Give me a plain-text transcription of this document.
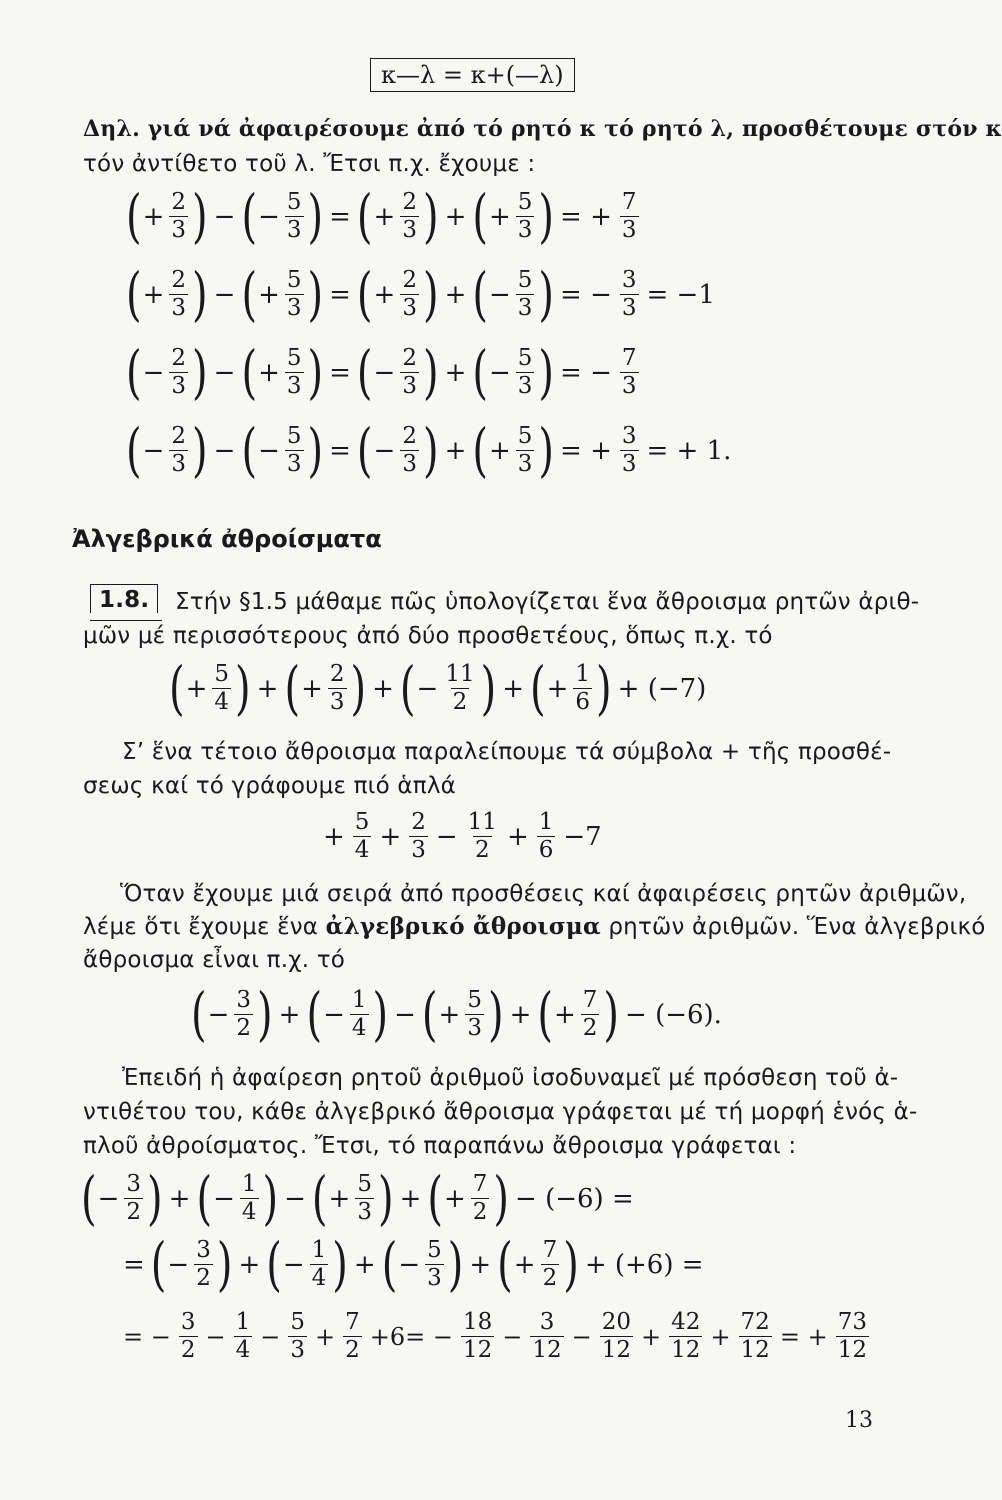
κ—λ = κ+(—λ)
Δηλ. γιά νά ἀφαιρέσουμε ἀπό τό ρητό κ τό ρητό λ, προσθέτουμε στόν κ
τόν ἀντίθετο τοῦ λ. Ἔτσι π.χ. ἔχουμε :
( + $\frac{2}{3}$ ) − ( − $\frac{5}{3}$ ) = ( + $\frac{2}{3}$ ) + ( + $\frac{5}{3}$ ) = + $\frac{7}{3}$
( + $\frac{2}{3}$ ) − ( + $\frac{5}{3}$ ) = ( + $\frac{2}{3}$ ) + ( − $\frac{5}{3}$ ) = − $\frac{3}{3} = -1$
( − $\frac{2}{3}$ ) − ( + $\frac{5}{3}$ ) = ( − $\frac{2}{3}$ ) + ( − $\frac{5}{3}$ ) = − $\frac{7}{3}$
( − $\frac{2}{3}$ ) − ( − $\frac{5}{3}$ ) = ( − $\frac{2}{3}$ ) + ( + $\frac{5}{3}$ ) = + $\frac{3}{3}$ = + 1.
Ἀλγεβρικά ἀθροίσματα
1.8.	Στήν §1.5 μάθαμε πῶς ὑπολογίζεται ἕνα ἄθροισμα ρητῶν ἀριθ-
μῶν μέ περισσότερους ἀπό δύο προσθετέους, ὅπως π.χ. τό
( + $\frac{5}{4}$ ) + ( + $\frac{2}{3}$ ) + ( − $\frac{11}{2}$ ) + ( + $\frac{1}{6}$ ) + (−7)
Σ’ ἕνα τέτοιο ἄθροισμα παραλείπουμε τά σύμβολα + τῆς προσθέ-
σεως καί τό γράφουμε πιό ἁπλά
+ $\frac{5}{4} + \frac{2}{3} - \frac{11}{2} + \frac{1}{6} -7$
Ὅταν ἔχουμε μιά σειρά ἀπό προσθέσεις καί ἀφαιρέσεις ρητῶν ἀριθμῶν,
λέμε ὅτι ἔχουμε ἕνα ἀλγεβρικό ἄθροισμα ρητῶν ἀριθμῶν. Ἕνα ἀλγεβρικό
ἄθροισμα εἶναι π.χ. τό
( − $\frac{3}{2}$ ) + ( − $\frac{1}{4}$ ) − ( + $\frac{5}{3}$ ) + ( + $\frac{7}{2}$ ) − (−6).
Ἐπειδή ἡ ἀφαίρεση ρητοῦ ἀριθμοῦ ἰσοδυναμεῖ μέ πρόσθεση τοῦ ἀ-
ντιθέτου του, κάθε ἀλγεβρικό ἄθροισμα γράφεται μέ τή μορφή ἑνός ἁ-
πλοῦ ἀθροίσματος. Ἔτσι, τό παραπάνω ἄθροισμα γράφεται :
( − $\frac{3}{2}$ ) + ( − $\frac{1}{4}$ ) − ( + $\frac{5}{3}$ ) + ( + $\frac{7}{2}$ ) − (−6) =
= ( − $\frac{3}{2}$ ) + ( − $\frac{1}{4}$ ) + ( − $\frac{5}{3}$ ) + ( + $\frac{7}{2}$ ) + (+6) =
= − $\frac{3}{2} - \frac{1}{4} - \frac{5}{3} + \frac{7}{2} +6= - \frac{18}{12} - \frac{3}{12} - \frac{20}{12} + \frac{42}{12} + \frac{72}{12}$ = + $\frac{73}{12}$
13
